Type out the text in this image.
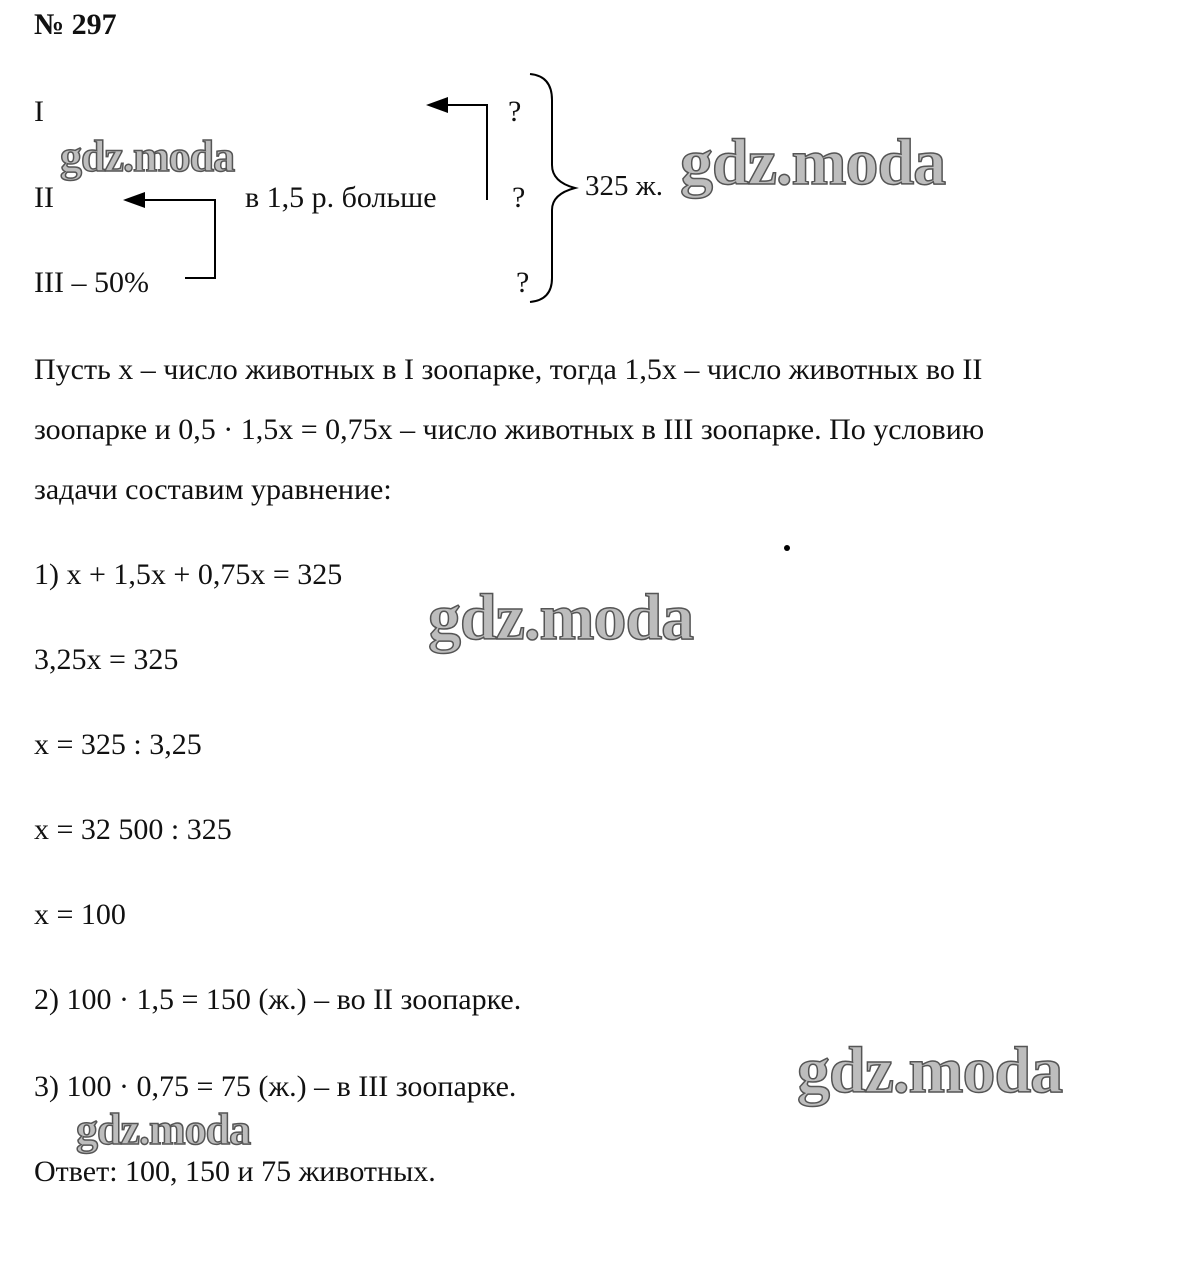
№ 297
I
II
III – 50%
в 1,5 р. больше
?
?
?
325 ж.
Пусть x – число животных в I зоопарке, тогда 1,5x – число животных во II
зоопарке и 0,5 · 1,5x = 0,75x – число животных в III зоопарке. По условию
задачи составим уравнение:
1) x + 1,5x + 0,75x = 325
3,25x = 325
x = 325 : 3,25
x = 32 500 : 325
x = 100
2) 100 · 1,5 = 150 (ж.) – во II зоопарке.
3) 100 · 0,75 = 75 (ж.) – в III зоопарке.
Ответ: 100, 150 и 75 животных.
gdz.moda	gdz.moda
gdz.moda
gdz.moda
gdz.moda
